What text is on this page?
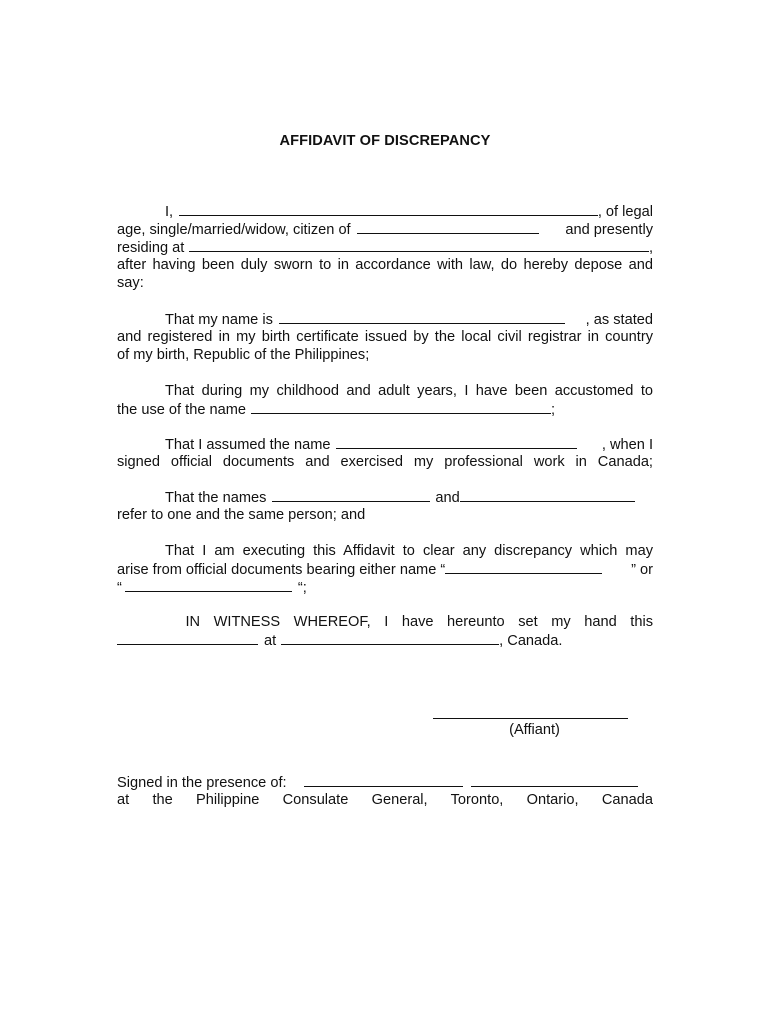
AFFIDAVIT OF DISCREPANCY
I,	, of legal
age, single/married/widow, citizen of	and presently
residing at	,
after having been duly sworn to in accordance with law, do hereby depose and
say:
That my name is	, as stated
and registered in my birth certificate issued by the local civil registrar in country
of my birth, Republic of the Philippines;
That during my childhood and adult years, I have been accustomed to
the use of the name	;
That I assumed the name	, when I
signed official documents and exercised my professional work in Canada;
That the names	and
refer to one and the same person; and
That I am executing this Affidavit to clear any discrepancy which may
arise from official documents bearing either name “	” or
“	“;
IN WITNESS WHEREOF, I have hereunto set my hand this
at	, Canada.
(Affiant)
Signed in the presence of:
at the Philippine Consulate General, Toronto, Ontario, Canada
